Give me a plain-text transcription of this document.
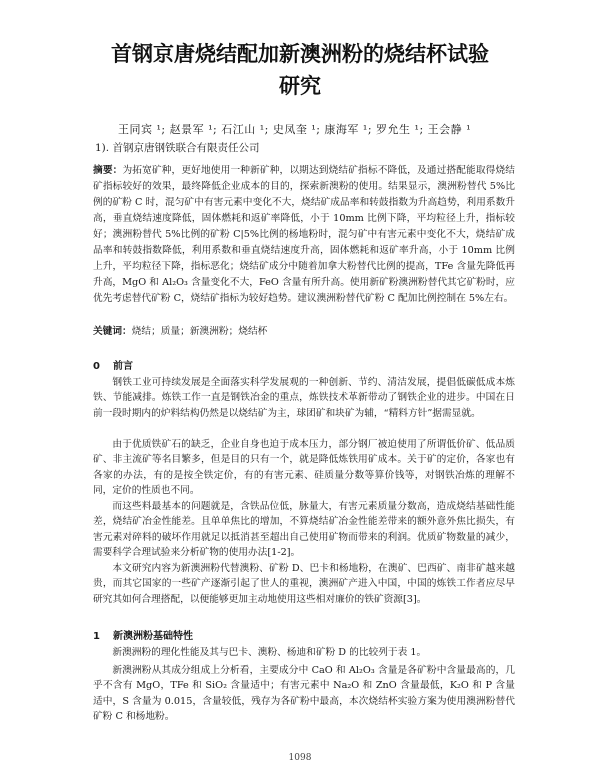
首钢京唐烧结配加新澳洲粉的烧结杯试验
研究
王同宾 ¹; 赵景军 ¹; 石江山 ¹; 史凤奎 ¹; 康海军 ¹; 罗允生 ¹; 王会静 ¹
1). 首钢京唐钢铁联合有限责任公司
摘要：为拓宽矿种，更好地使用一种新矿种，以期达到烧结矿指标不降低，及通过搭配能取得烧结矿指标较好的效果，最终降低企业成本的目的，探索新澳粉的使用。结果显示，澳洲粉替代 5%比例的矿粉 C 时，混匀矿中有害元素中变化不大，烧结矿成品率和转鼓指数为升高趋势，利用系数升高，垂直烧结速度降低，固体燃耗和返矿率降低，小于 10mm 比例下降，平均粒径上升，指标较好；澳洲粉替代 5%比例的矿粉 C|5%比例的杨地粉时，混匀矿中有害元素中变化不大，烧结矿成品率和转鼓指数降低，利用系数和垂直烧结速度升高，固体燃耗和返矿率升高，小于 10mm 比例上升，平均粒径下降，指标恶化；烧结矿成分中随着加拿大粉替代比例的提高，TFe 含量先降低再升高，MgO 和 Al₂O₃ 含量变化不大，FeO 含量有所升高。使用新矿粉澳洲粉替代其它矿粉时，应优先考虑替代矿粉 C，烧结矿指标为较好趋势。建议澳洲粉替代矿粉 C 配加比例控制在 5%左右。
关键词：烧结；质量；新澳洲粉；烧结杯
0 前言

钢铁工业可持续发展是全面落实科学发展观的一种创新、节约、清洁发展，提倡低碳低成本炼铁、节能减排。炼铁工作一直是钢铁冶金的重点，炼铁技术革新带动了钢铁企业的进步。中国在日前一段时期内的炉料结构仍然是以烧结矿为主，球团矿和块矿为辅，“精料方针”据需显就。

由于优质铁矿石的缺乏，企业自身也迫于成本压力，部分钢厂被迫使用了所谓低价矿、低品质矿、非主流矿等名目繁多，但是目的只有一个，就是降低炼铁用矿成本。关于矿的定价，各家也有各家的办法，有的是按全铁定价，有的有害元素、硅质量分数等算价钱等，对钢铁冶炼的理解不同，定价的性质也不同。

而这些料最基本的问题就是，含铁品位低，脉量大，有害元素质量分数高，造成烧结基础性能差，烧结矿冶金性能差。且单单焦比的增加，不算烧结矿冶金性能差带来的额外意外焦比损失，有害元素对碎料的破坏作用就足以抵消甚至超出自己使用矿物而带来的利润。优质矿物数量的减少，需要科学合理试验来分析矿物的使用办法[1-2]。

本文研究内容为新澳洲粉代替澳粉、矿粉 D、巴卡和杨地粉，在澳矿、巴西矿、南非矿越来越贵，而其它国家的一些矿产逐渐引起了世人的重视，澳洲矿产进入中国，中国的炼铁工作者应尽早研究其如何合理搭配，以便能够更加主动地使用这些相对廉价的铁矿资源[3]。

1 新澳洲粉基础特性

新澳洲粉的理化性能及其与巴卡、澳粉、杨迪和矿粉 D 的比较列于表 1。

新澳洲粉从其成分组成上分析看，主要成分中 CaO 和 Al₂O₃ 含量是各矿粉中含量最高的，几乎不含有 MgO，TFe 和 SiO₂ 含量适中；有害元素中 Na₂O 和 ZnO 含量最低，K₂O 和 P 含量适中，S 含量为 0.015，含量较低，残存为各矿粉中最高，本次烧结杯实验方案为使用澳洲粉替代矿粉 C 和杨地粉。

1098
